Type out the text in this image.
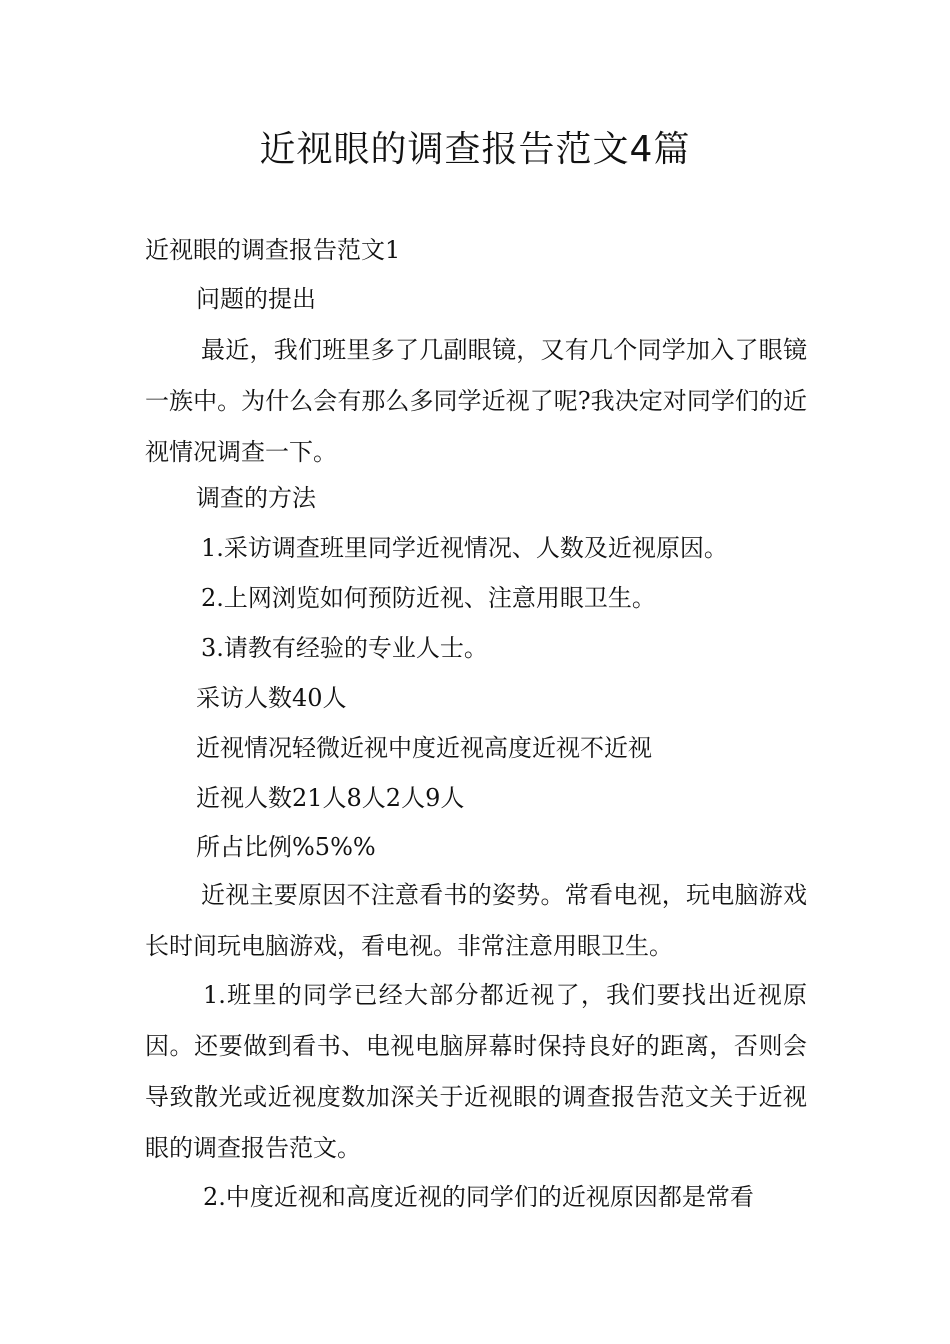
近视眼的调查报告范文4篇
近视眼的调查报告范文1
问题的提出
最近，我们班里多了几副眼镜，又有几个同学加入了眼镜一族中。为什么会有那么多同学近视了呢?我决定对同学们的近视情况调查一下。
调查的方法
1.采访调查班里同学近视情况、人数及近视原因。
2.上网浏览如何预防近视、注意用眼卫生。
3.请教有经验的专业人士。
采访人数40人
近视情况轻微近视中度近视高度近视不近视
近视人数21人8人2人9人
所占比例%5%%
近视主要原因不注意看书的姿势。常看电视，玩电脑游戏长时间玩电脑游戏，看电视。非常注意用眼卫生。
1.班里的同学已经大部分都近视了，我们要找出近视原因。还要做到看书、电视电脑屏幕时保持良好的距离，否则会导致散光或近视度数加深关于近视眼的调查报告范文关于近视眼的调查报告范文。
2.中度近视和高度近视的同学们的近视原因都是常看
